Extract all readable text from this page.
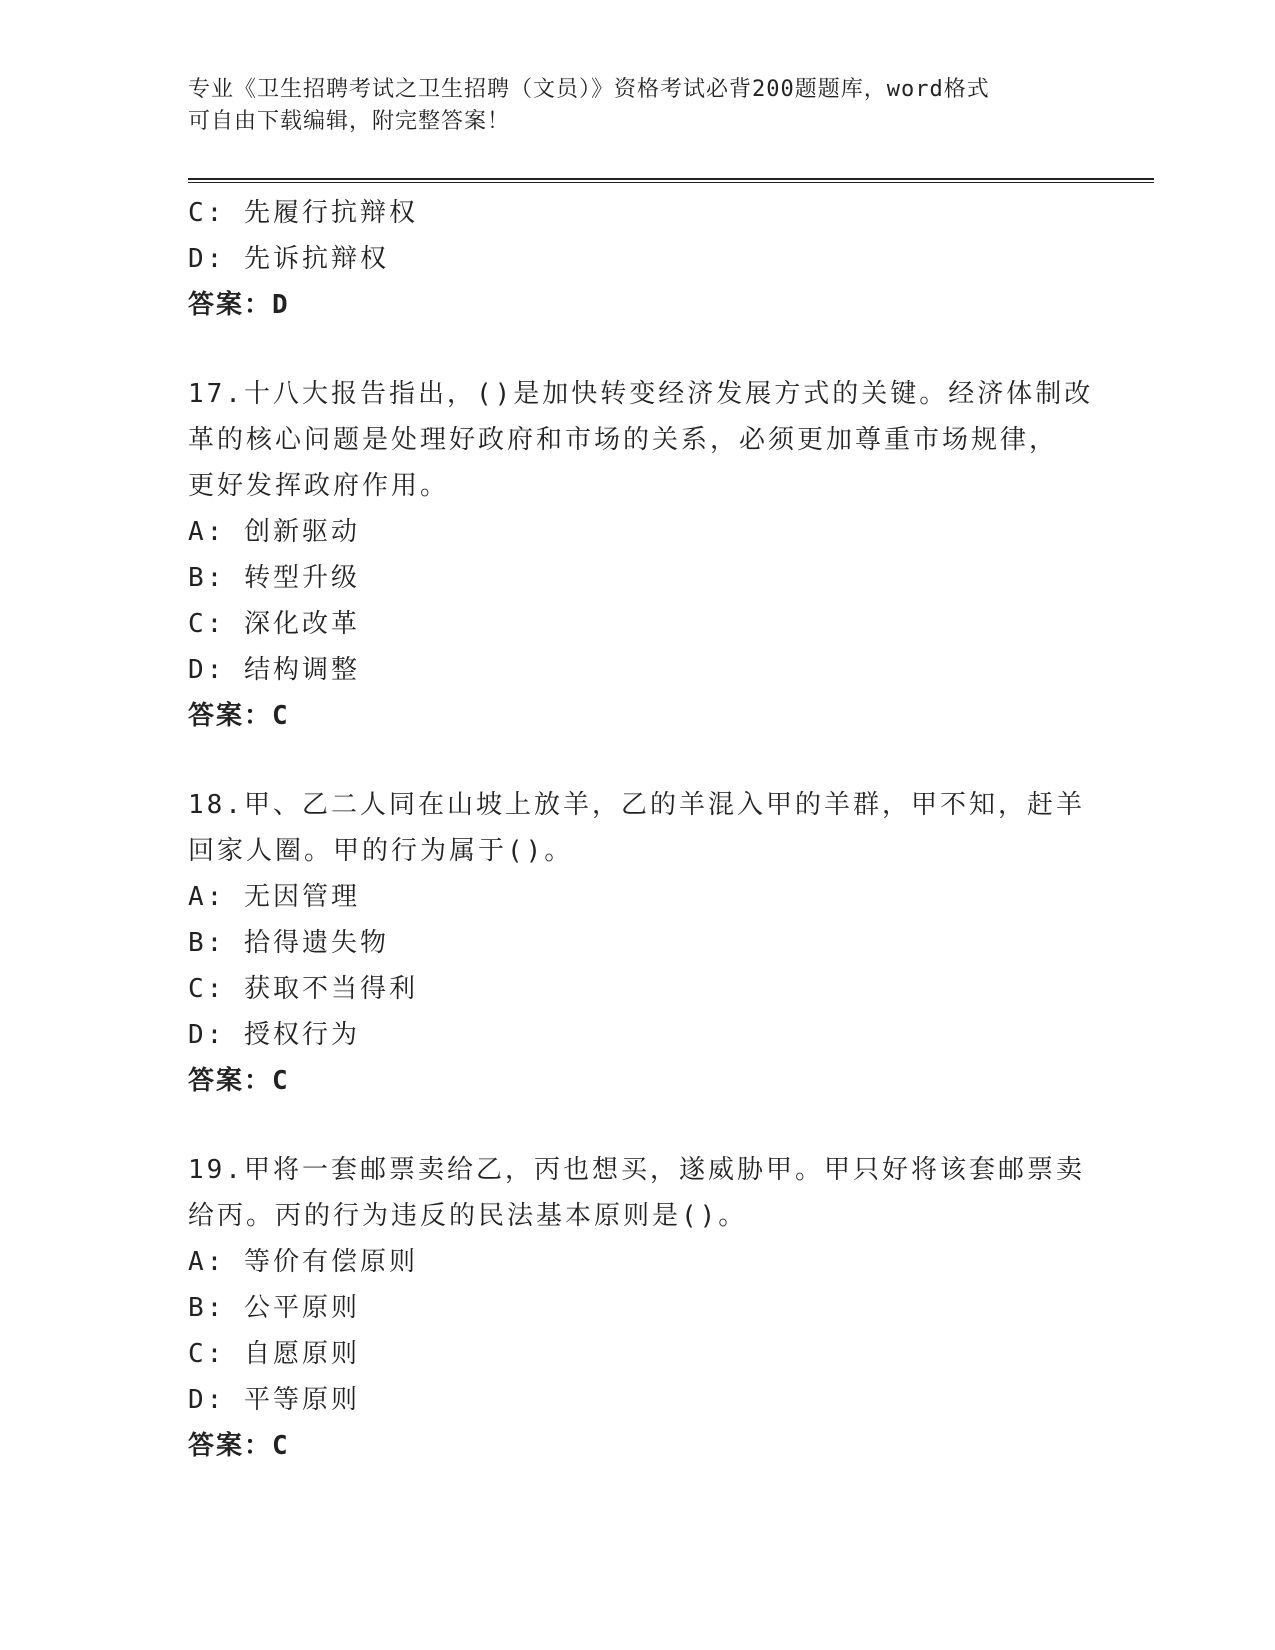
专业《卫生招聘考试之卫生招聘（文员）》资格考试必背200题题库，word格式
可自由下载编辑，附完整答案！
C: 先履行抗辩权
D: 先诉抗辩权
答案：D
17.十八大报告指出，()是加快转变经济发展方式的关键。经济体制改
革的核心问题是处理好政府和市场的关系，必须更加尊重市场规律，
更好发挥政府作用。
A: 创新驱动
B: 转型升级
C: 深化改革
D: 结构调整
答案：C
18.甲、乙二人同在山坡上放羊，乙的羊混入甲的羊群，甲不知，赶羊
回家人圈。甲的行为属于()。
A: 无因管理
B: 拾得遗失物
C: 获取不当得利
D: 授权行为
答案：C
19.甲将一套邮票卖给乙，丙也想买，遂威胁甲。甲只好将该套邮票卖
给丙。丙的行为违反的民法基本原则是()。
A: 等价有偿原则
B: 公平原则
C: 自愿原则
D: 平等原则
答案：C
